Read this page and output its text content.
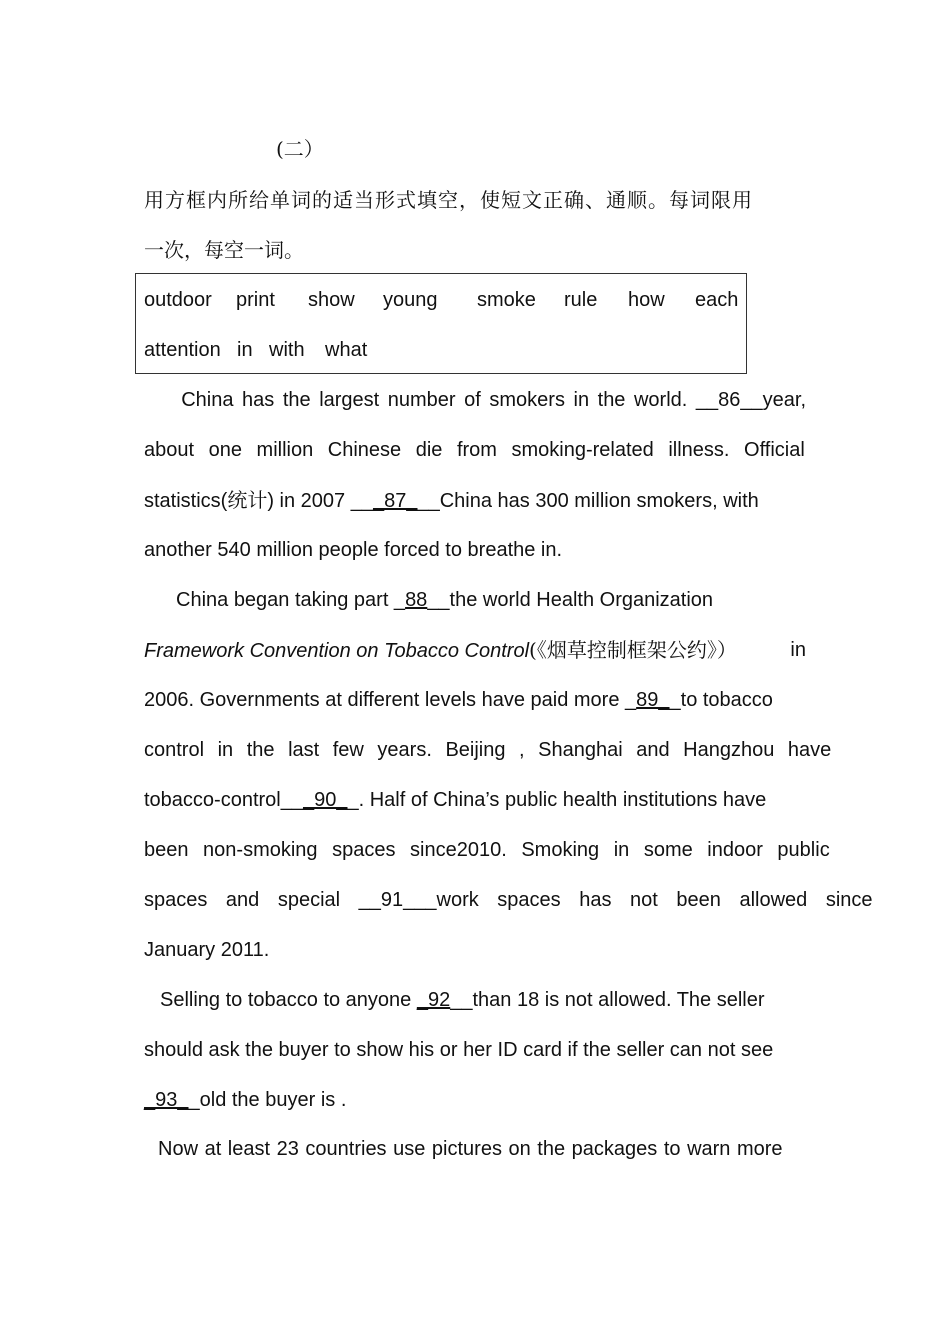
(二）
用方框内所给单词的适当形式填空，使短文正确、通顺。每词限用
一次，每空一词。
outdoor print show young smoke rule how each
attention in with what
China has the largest number of smokers in the world. __86__year,
about one million Chinese die from smoking-related illness. Official
statistics(统计) in 2007 ___87___China has 300 million smokers, with
another 540 million people forced to breathe in.
China began taking part _88__the world Health Organization
Framework Convention on Tobacco Control(《烟草控制框架公约》）	in
2006. Governments at different levels have paid more _89__to tobacco
control in the last few years. Beijing , Shanghai and Hangzhou have
tobacco-control___90__. Half of China’s public health institutions have
been non-smoking spaces since2010. Smoking in some indoor public
spaces and special __91___work spaces has not been allowed since
January 2011.
Selling to tobacco to anyone _92__than 18 is not allowed. The seller
should ask the buyer to show his or her ID card if the seller can not see
_93__old the buyer is .
Now at least 23 countries use pictures on the packages to warn more
